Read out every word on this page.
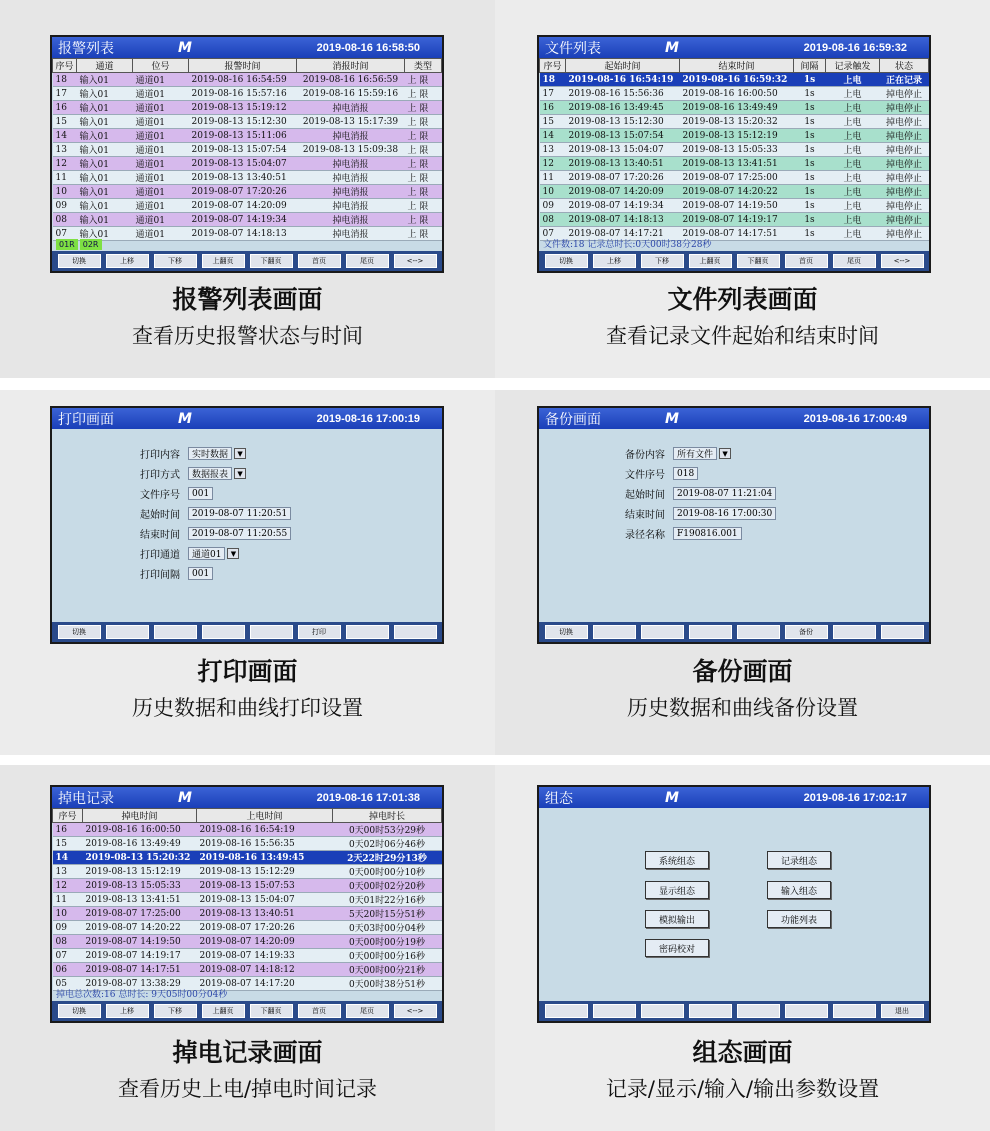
报警列表	M	2019-08-16 16:58:50
序号	通道	位号	报警时间	消报时间	类型
18	输入01	通道01	2019-08-16 16:54:59	2019-08-16 16:56:59	上 限
17	输入01	通道01	2019-08-16 15:57:16	2019-08-16 15:59:16	上 限
16	输入01	通道01	2019-08-13 15:19:12	掉电消报	上 限
15	输入01	通道01	2019-08-13 15:12:30	2019-08-13 15:17:39	上 限
14	输入01	通道01	2019-08-13 15:11:06	掉电消报	上 限
13	输入01	通道01	2019-08-13 15:07:54	2019-08-13 15:09:38	上 限
12	输入01	通道01	2019-08-13 15:04:07	掉电消报	上 限
11	输入01	通道01	2019-08-13 13:40:51	掉电消报	上 限
10	输入01	通道01	2019-08-07 17:20:26	掉电消报	上 限
09	输入01	通道01	2019-08-07 14:20:09	掉电消报	上 限
08	输入01	通道01	2019-08-07 14:19:34	掉电消报	上 限
07	输入01	通道01	2019-08-07 14:18:13	掉电消报	上 限
01R	02R
切换	上移	下移	上翻页	下翻页	首页	尾页	<-->
报警列表画面
查看历史报警状态与时间
文件列表	M	2019-08-16 16:59:32
序号	起始时间	结束时间	间隔	记录触发	状态
18	2019-08-16 16:54:19	2019-08-16 16:59:32	1s	上电	正在记录
17	2019-08-16 15:56:36	2019-08-16 16:00:50	1s	上电	掉电停止
16	2019-08-16 13:49:45	2019-08-16 13:49:49	1s	上电	掉电停止
15	2019-08-13 15:12:30	2019-08-13 15:20:32	1s	上电	掉电停止
14	2019-08-13 15:07:54	2019-08-13 15:12:19	1s	上电	掉电停止
13	2019-08-13 15:04:07	2019-08-13 15:05:33	1s	上电	掉电停止
12	2019-08-13 13:40:51	2019-08-13 13:41:51	1s	上电	掉电停止
11	2019-08-07 17:20:26	2019-08-07 17:25:00	1s	上电	掉电停止
10	2019-08-07 14:20:09	2019-08-07 14:20:22	1s	上电	掉电停止
09	2019-08-07 14:19:34	2019-08-07 14:19:50	1s	上电	掉电停止
08	2019-08-07 14:18:13	2019-08-07 14:19:17	1s	上电	掉电停止
07	2019-08-07 14:17:21	2019-08-07 14:17:51	1s	上电	掉电停止
文件数:18 记录总时长:0天00时38分28秒
切换	上移	下移	上翻页	下翻页	首页	尾页	<-->
文件列表画面
查看记录文件起始和结束时间
打印画面	M	2019-08-16 17:00:19
打印内容	实时数据	▼
打印方式	数据报表	▼
文件序号	001
起始时间	2019-08-07 11:20:51
结束时间	2019-08-07 11:20:55
打印通道	通道01	▼
打印间隔	001
切换	打印
打印画面
历史数据和曲线打印设置
备份画面	M	2019-08-16 17:00:49
备份内容	所有文件	▼
文件序号	018
起始时间	2019-08-07 11:21:04
结束时间	2019-08-16 17:00:30
录径名称	F190816.001
切换	备份
备份画面
历史数据和曲线备份设置
掉电记录	M	2019-08-16 17:01:38
序号	掉电时间	上电时间	掉电时长
16	2019-08-16 16:00:50	2019-08-16 16:54:19	0天00时53分29秒
15	2019-08-16 13:49:49	2019-08-16 15:56:35	0天02时06分46秒
14	2019-08-13 15:20:32	2019-08-16 13:49:45	2天22时29分13秒
13	2019-08-13 15:12:19	2019-08-13 15:12:29	0天00时00分10秒
12	2019-08-13 15:05:33	2019-08-13 15:07:53	0天00时02分20秒
11	2019-08-13 13:41:51	2019-08-13 15:04:07	0天01时22分16秒
10	2019-08-07 17:25:00	2019-08-13 13:40:51	5天20时15分51秒
09	2019-08-07 14:20:22	2019-08-07 17:20:26	0天03时00分04秒
08	2019-08-07 14:19:50	2019-08-07 14:20:09	0天00时00分19秒
07	2019-08-07 14:19:17	2019-08-07 14:19:33	0天00时00分16秒
06	2019-08-07 14:17:51	2019-08-07 14:18:12	0天00时00分21秒
05	2019-08-07 13:38:29	2019-08-07 14:17:20	0天00时38分51秒
掉电总次数:16 总时长: 9天05时00分04秒
切换	上移	下移	上翻页	下翻页	首页	尾页	<-->
掉电记录画面
查看历史上电/掉电时间记录
组态	M	2019-08-16 17:02:17
系统组态	记录组态
显示组态	输入组态
模拟输出	功能列表
密码校对
退出
组态画面
记录/显示/输入/输出参数设置
